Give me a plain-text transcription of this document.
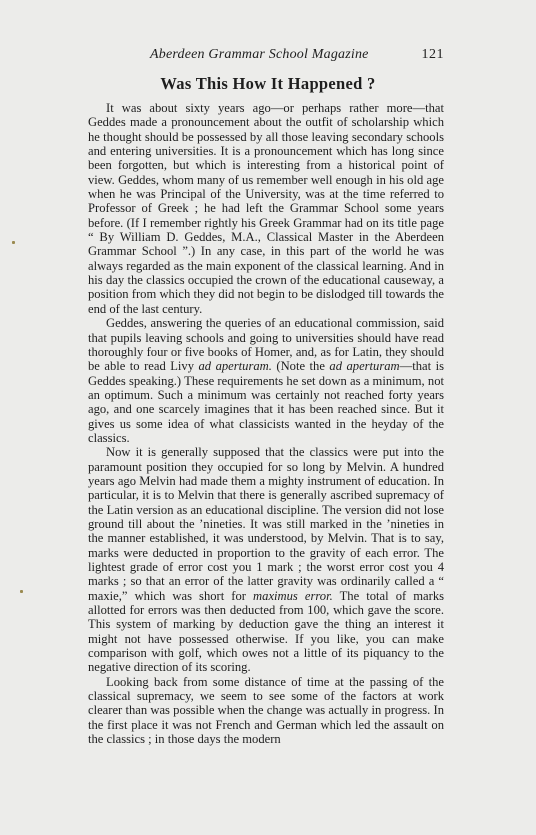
Aberdeen Grammar School Magazine	121
Was This How It Happened ?

It was about sixty years ago—or perhaps rather more—that Geddes made a pronouncement about the outfit of scholarship which he thought should be possessed by all those leaving secondary schools and entering universities. It is a pronouncement which has long since been forgotten, but which is interesting from a historical point of view. Geddes, whom many of us remember well enough in his old age when he was Principal of the University, was at the time referred to Professor of Greek ; he had left the Grammar School some years before. (If I remember rightly his Greek Grammar had on its title page “ By William D. Geddes, M.A., Classical Master in the Aberdeen Grammar School ”.) In any case, in this part of the world he was always regarded as the main exponent of the classical learning. And in his day the classics occupied the crown of the educational causeway, a position from which they did not begin to be dislodged till towards the end of the last century.

Geddes, answering the queries of an educational commission, said that pupils leaving schools and going to universities should have read thoroughly four or five books of Homer, and, as for Latin, they should be able to read Livy ad aperturam. (Note the ad aperturam—that is Geddes speaking.) These requirements he set down as a minimum, not an optimum. Such a minimum was certainly not reached forty years ago, and one scarcely imagines that it has been reached since. But it gives us some idea of what classicists wanted in the heyday of the classics.

Now it is generally supposed that the classics were put into the paramount position they occupied for so long by Melvin. A hundred years ago Melvin had made them a mighty instrument of education. In particular, it is to Melvin that there is generally ascribed supremacy of the Latin version as an educational discipline. The version did not lose ground till about the ’nineties. It was still marked in the ’nineties in the manner established, it was understood, by Melvin. That is to say, marks were deducted in proportion to the gravity of each error. The lightest grade of error cost you 1 mark ; the worst error cost you 4 marks ; so that an error of the latter gravity was ordinarily called a “ maxie,” which was short for maximus error. The total of marks allotted for errors was then deducted from 100, which gave the score. This system of marking by deduction gave the thing an interest it might not have possessed otherwise. If you like, you can make comparison with golf, which owes not a little of its piquancy to the negative direction of its scoring.

Looking back from some distance of time at the passing of the classical supremacy, we seem to see some of the factors at work clearer than was possible when the change was actually in progress. In the first place it was not French and German which led the assault on the classics ; in those days the modern
